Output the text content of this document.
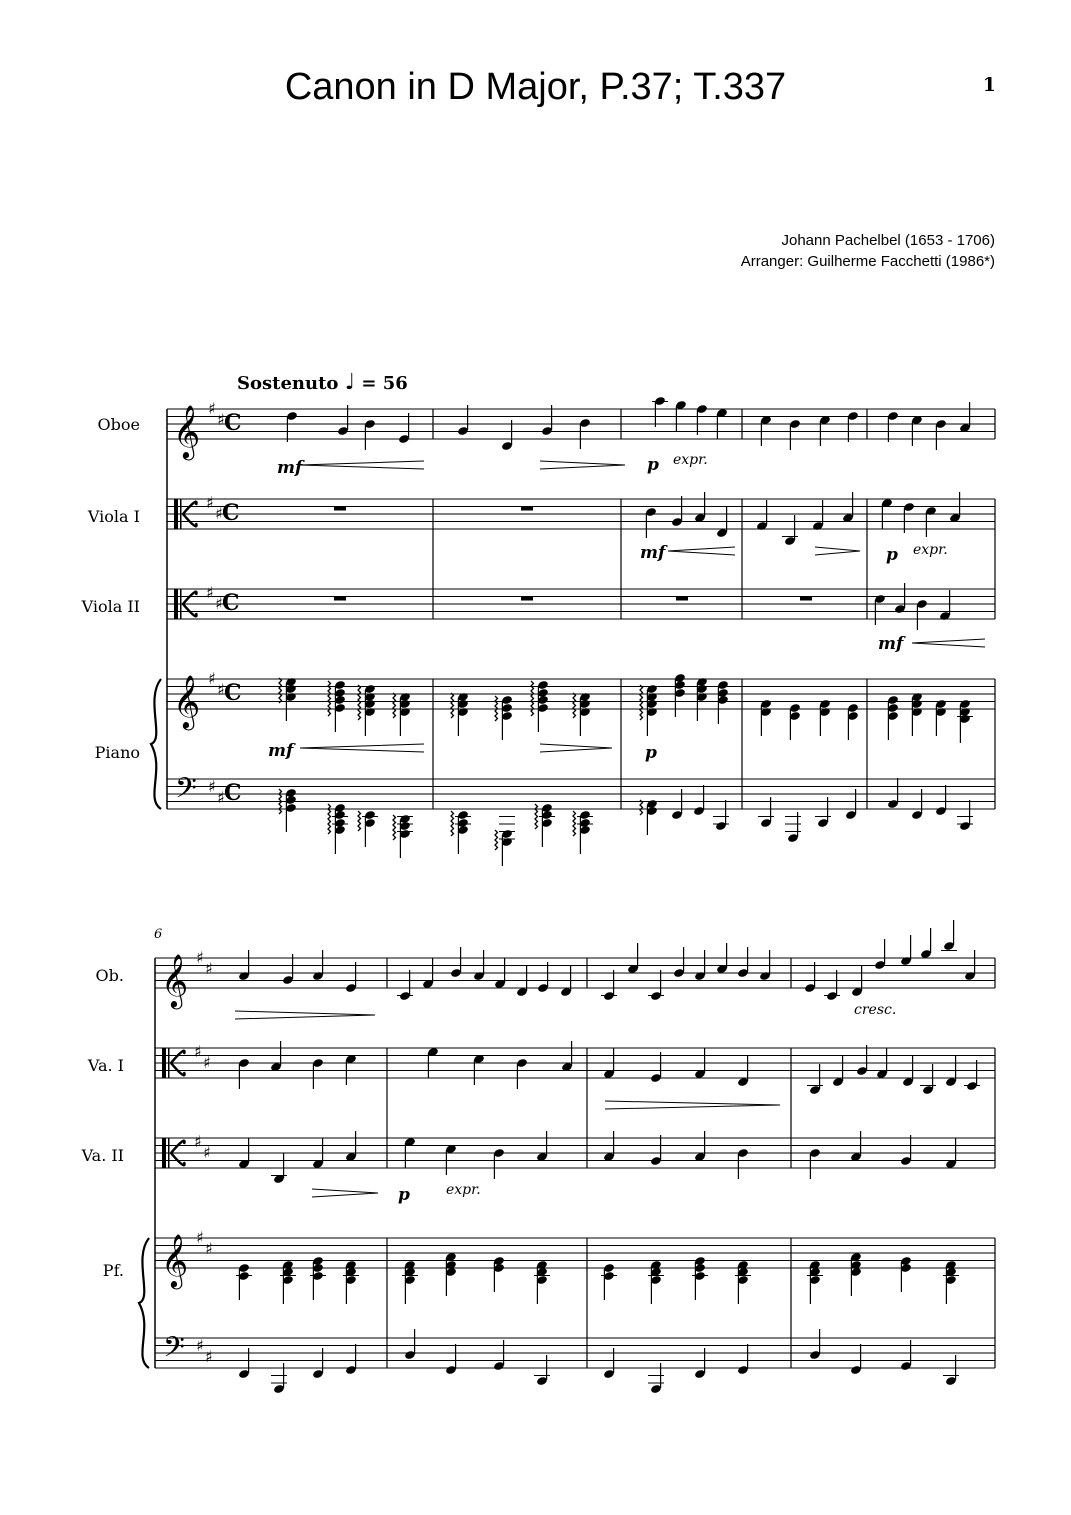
Canon in D Major, P.37; T.337	1
Johann Pachelbel (1653 - 1706)
Arranger: Guilherme Facchetti (1986*)
Sostenuto ♩ = 56
Oboe
Viola I
Viola II
Piano
Ob.
Va. I
Va. II
Pf.
6
mf	p expr.
mf	p expr.
mf
mf	p
p	expr.
cresc.
𝄞 ♯
♯ C
♯
♯ C
♯
♯ C
𝄞 ♯
♯ C
𝄢 ♯
♯ C
𝄞 ♯
♯
♯
♯
♯
♯
𝄞 ♯
♯
𝄢 ♯
♯
